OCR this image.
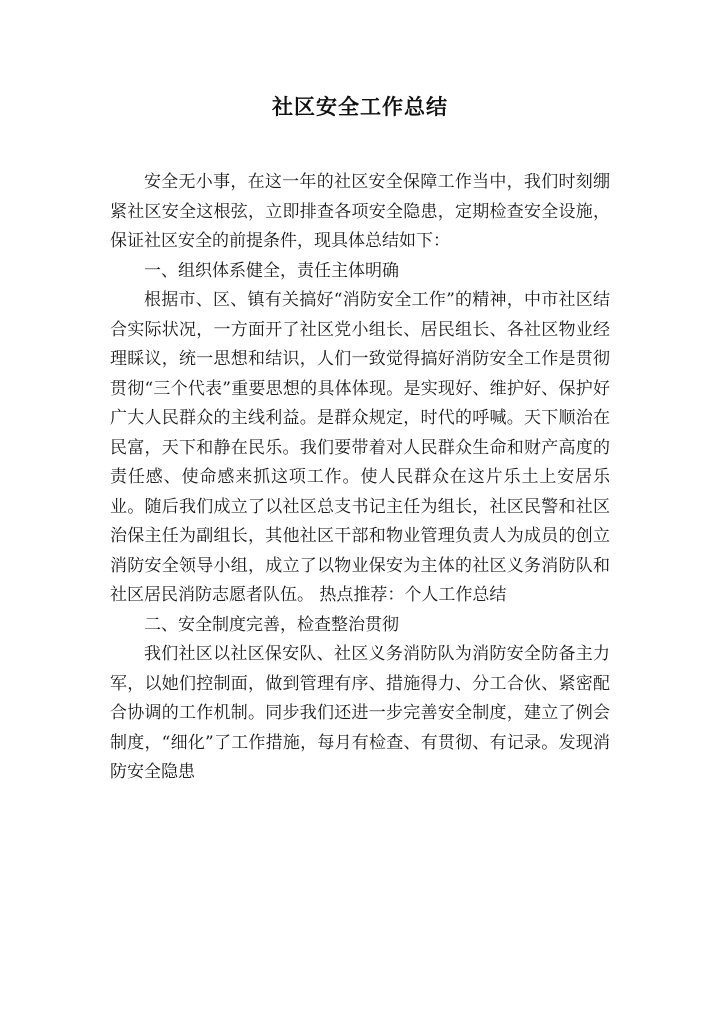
社区安全工作总结

安全无小事，在这一年的社区安全保障工作当中，我们时刻绷紧社区安全这根弦，立即排查各项安全隐患，定期检查安全设施，保证社区安全的前提条件，现具体总结如下：

一、组织体系健全，责任主体明确

根据市、区、镇有关搞好“消防安全工作”的精神，中市社区结合实际状况，一方面开了社区党小组长、居民组长、各社区物业经理睬议，统一思想和结识，人们一致觉得搞好消防安全工作是贯彻贯彻“三个代表”重要思想的具体体现。是实现好、维护好、保护好广大人民群众的主线利益。是群众规定，时代的呼喊。天下顺治在民富，天下和静在民乐。我们要带着对人民群众生命和财产高度的责任感、使命感来抓这项工作。使人民群众在这片乐土上安居乐业。随后我们成立了以社区总支书记主任为组长，社区民警和社区治保主任为副组长，其他社区干部和物业管理负责人为成员的创立消防安全领导小组，成立了以物业保安为主体的社区义务消防队和社区居民消防志愿者队伍。 热点推荐：个人工作总结

二、安全制度完善，检查整治贯彻

我们社区以社区保安队、社区义务消防队为消防安全防备主力军，以她们控制面，做到管理有序、措施得力、分工合伙、紧密配合协调的工作机制。同步我们还进一步完善安全制度，建立了例会制度，“细化”了工作措施，每月有检查、有贯彻、有记录。发现消防安全隐患
